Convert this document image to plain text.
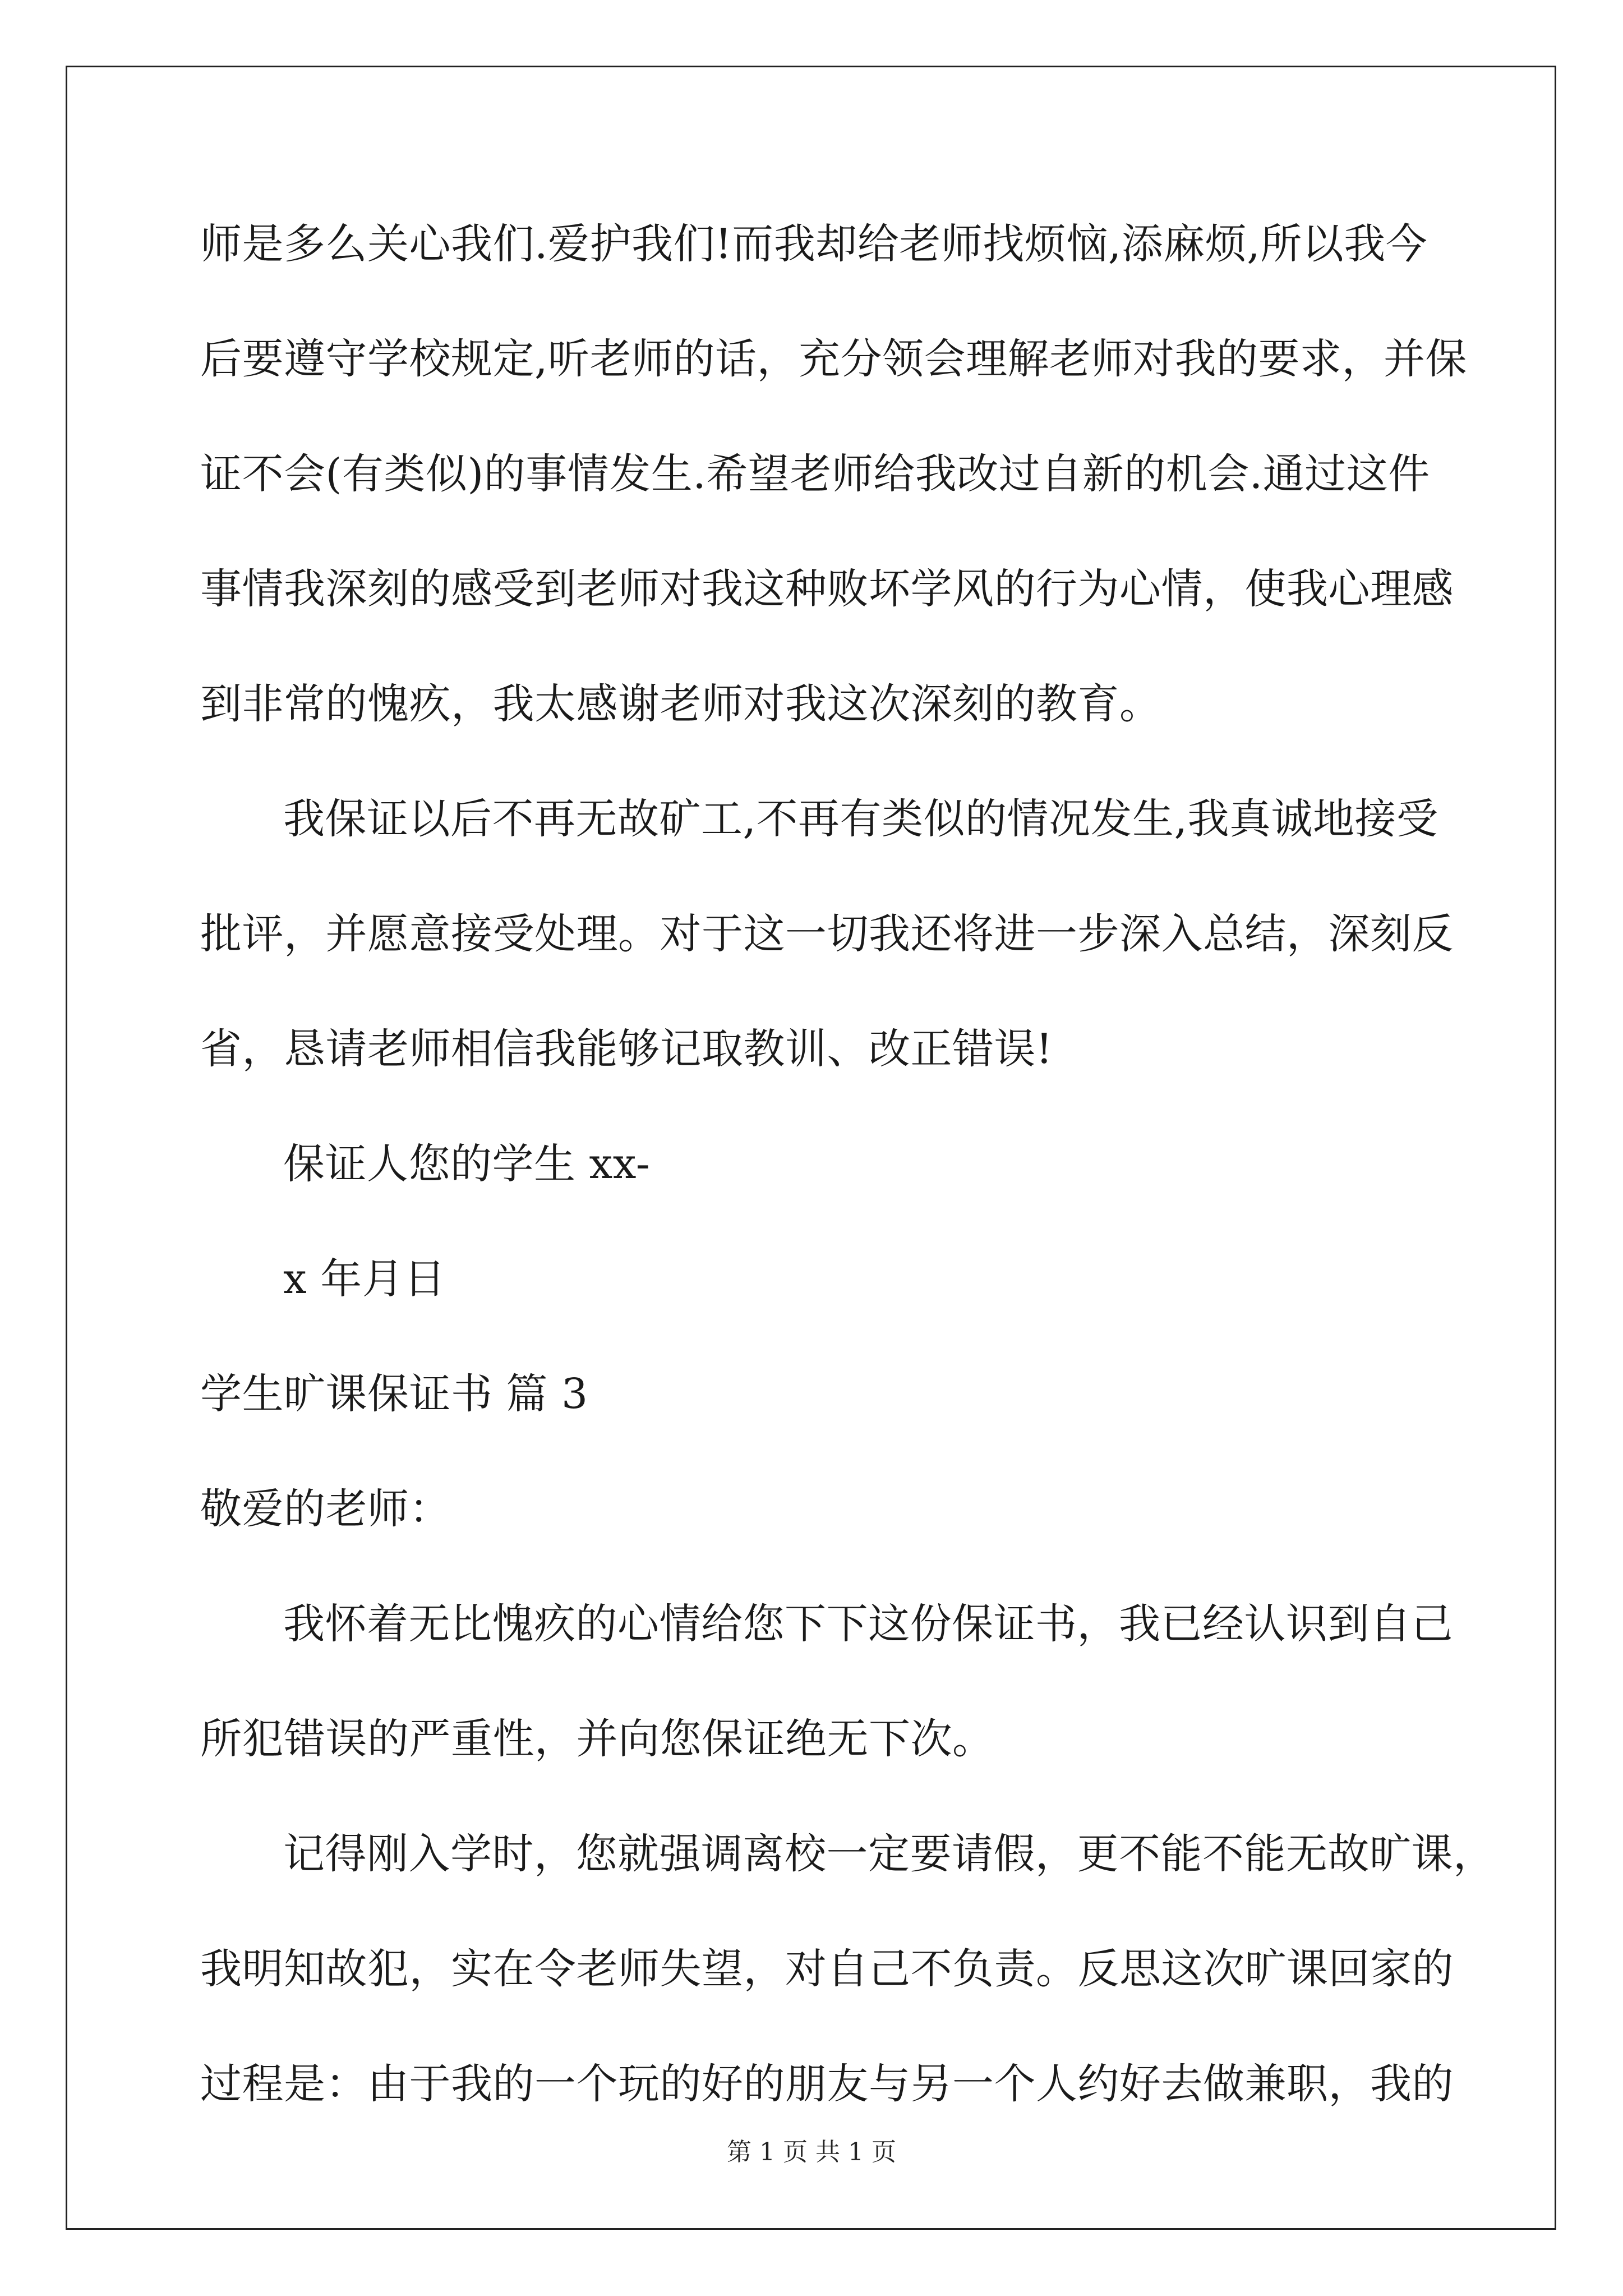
师是多么关心我们.爱护我们!而我却给老师找烦恼,添麻烦,所以我今
后要遵守学校规定,听老师的话，充分领会理解老师对我的要求，并保
证不会(有类似)的事情发生.希望老师给我改过自新的机会.通过这件
事情我深刻的感受到老师对我这种败坏学风的行为心情，使我心理感
到非常的愧疚，我太感谢老师对我这次深刻的教育。
我保证以后不再无故矿工,不再有类似的情况发生,我真诚地接受
批评，并愿意接受处理。对于这一切我还将进一步深入总结，深刻反
省，恳请老师相信我能够记取教训、改正错误!
保证人您的学生 xx-
x 年月日
学生旷课保证书 篇 3
敬爱的老师：
我怀着无比愧疚的心情给您下下这份保证书，我已经认识到自己
所犯错误的严重性，并向您保证绝无下次。
记得刚入学时，您就强调离校一定要请假，更不能不能无故旷课，
我明知故犯，实在令老师失望，对自己不负责。反思这次旷课回家的
过程是：由于我的一个玩的好的朋友与另一个人约好去做兼职，我的
第 1 页 共 1 页
